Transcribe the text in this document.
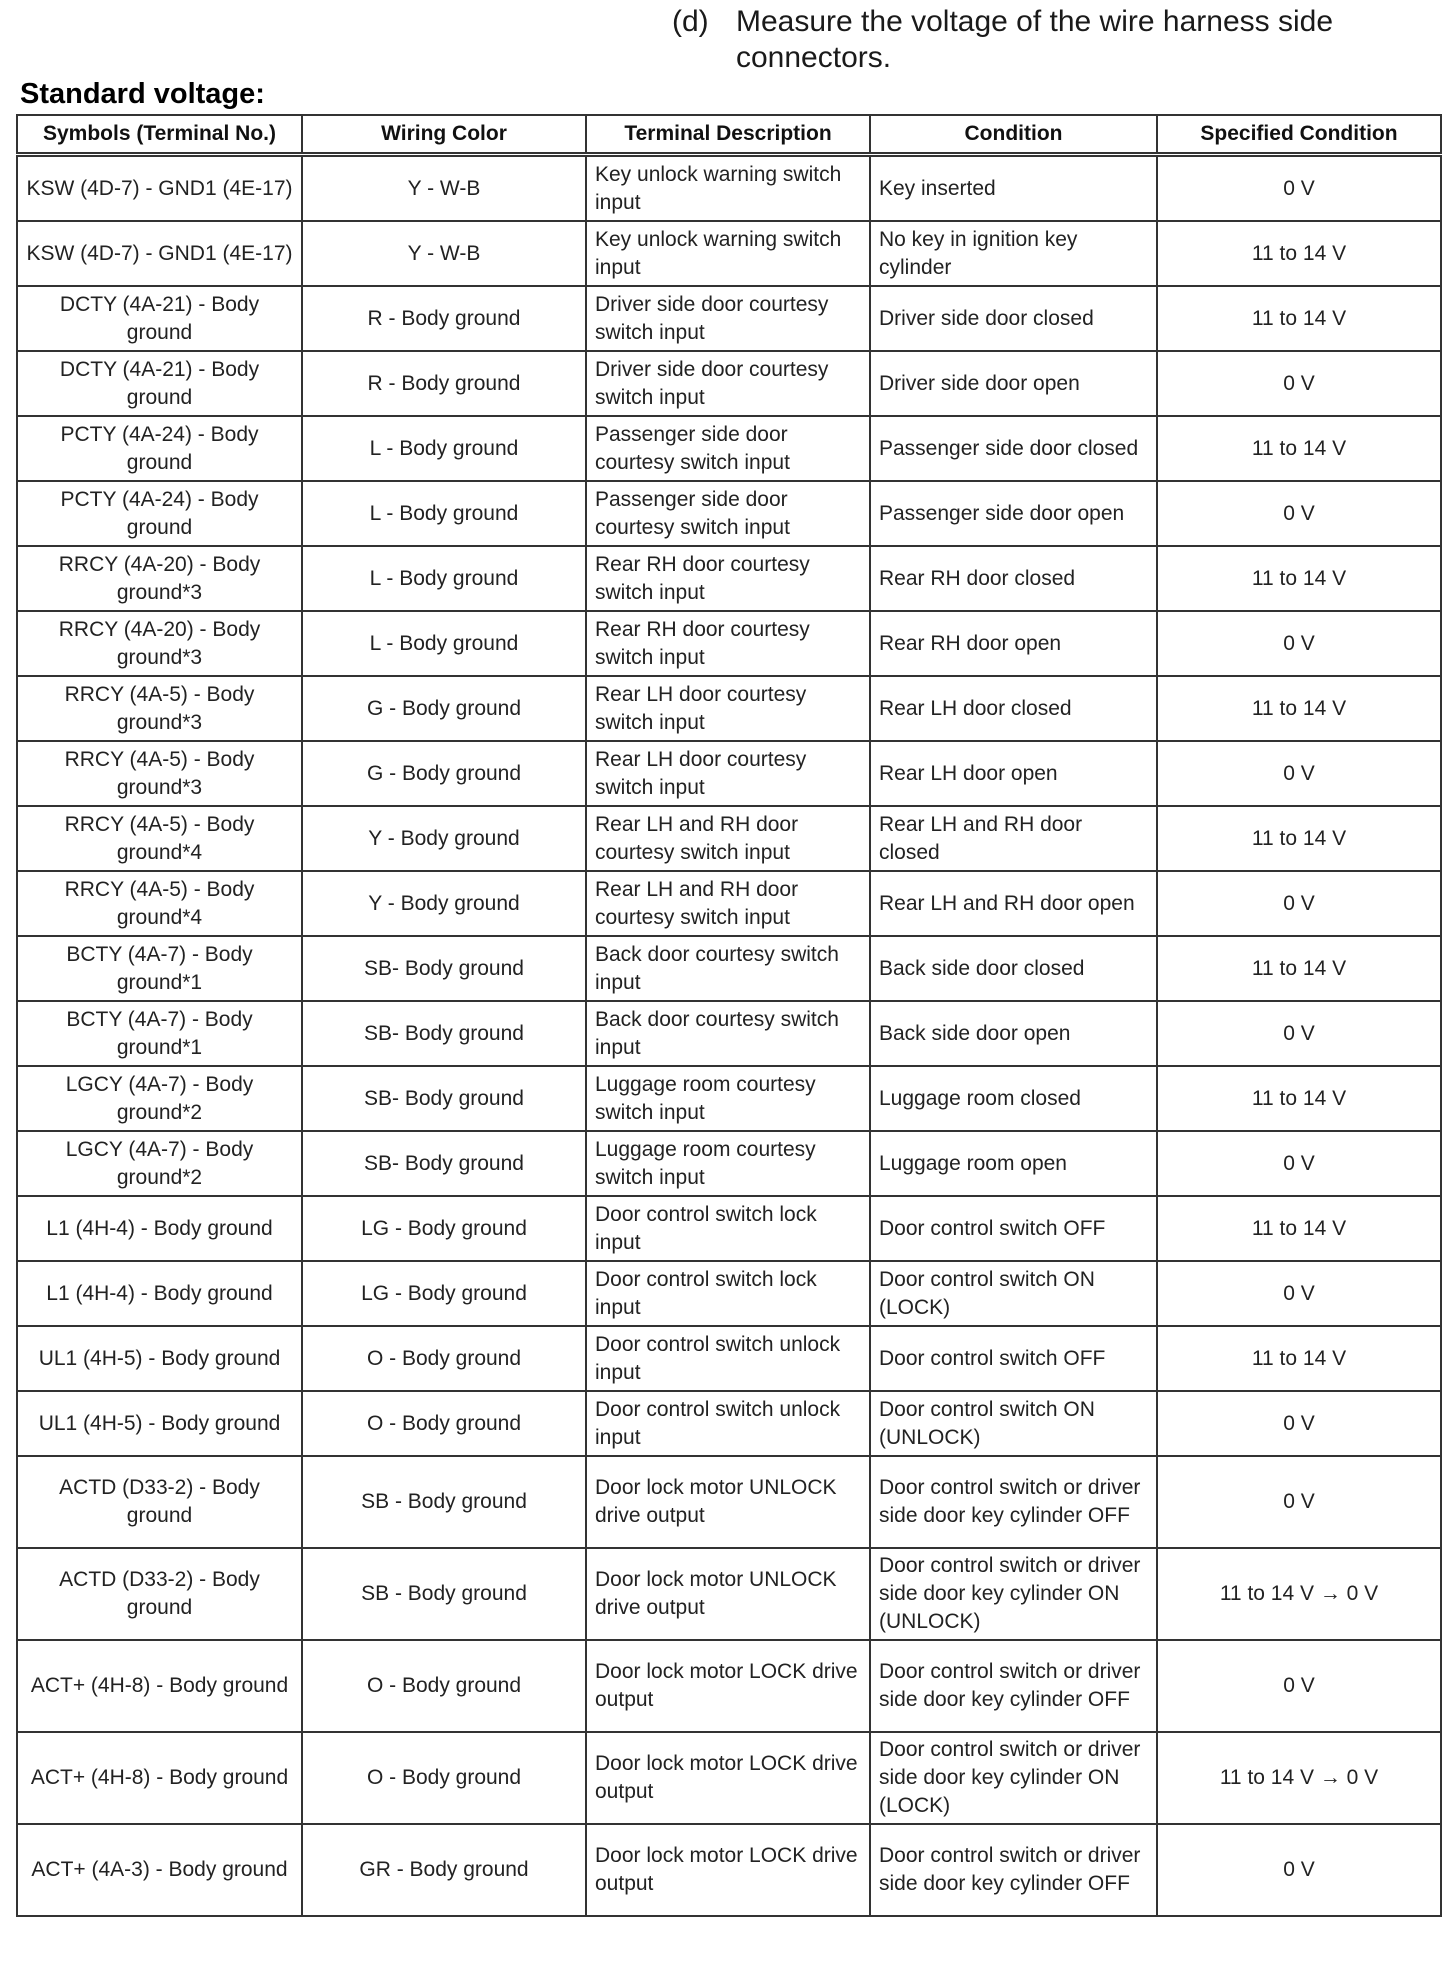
(d) Measure the voltage of the wire harness side connectors.
Standard voltage:
Symbols (Terminal No.)	Wiring Color	Terminal Description	Condition	Specified Condition
KSW (4D-7) - GND1 (4E-17)	Y - W-B	Key unlock warning switch input	Key inserted	0 V
KSW (4D-7) - GND1 (4E-17)	Y - W-B	Key unlock warning switch input	No key in ignition key cylinder	11 to 14 V
DCTY (4A-21) - Body ground	R - Body ground	Driver side door courtesy switch input	Driver side door closed	11 to 14 V
DCTY (4A-21) - Body ground	R - Body ground	Driver side door courtesy switch input	Driver side door open	0 V
PCTY (4A-24) - Body ground	L - Body ground	Passenger side door courtesy switch input	Passenger side door closed	11 to 14 V
PCTY (4A-24) - Body ground	L - Body ground	Passenger side door courtesy switch input	Passenger side door open	0 V
RRCY (4A-20) - Body ground*3	L - Body ground	Rear RH door courtesy switch input	Rear RH door closed	11 to 14 V
RRCY (4A-20) - Body ground*3	L - Body ground	Rear RH door courtesy switch input	Rear RH door open	0 V
RRCY (4A-5) - Body ground*3	G - Body ground	Rear LH door courtesy switch input	Rear LH door closed	11 to 14 V
RRCY (4A-5) - Body ground*3	G - Body ground	Rear LH door courtesy switch input	Rear LH door open	0 V
RRCY (4A-5) - Body ground*4	Y - Body ground	Rear LH and RH door courtesy switch input	Rear LH and RH door closed	11 to 14 V
RRCY (4A-5) - Body ground*4	Y - Body ground	Rear LH and RH door courtesy switch input	Rear LH and RH door open	0 V
BCTY (4A-7) - Body ground*1	SB- Body ground	Back door courtesy switch input	Back side door closed	11 to 14 V
BCTY (4A-7) - Body ground*1	SB- Body ground	Back door courtesy switch input	Back side door open	0 V
LGCY (4A-7) - Body ground*2	SB- Body ground	Luggage room courtesy switch input	Luggage room closed	11 to 14 V
LGCY (4A-7) - Body ground*2	SB- Body ground	Luggage room courtesy switch input	Luggage room open	0 V
L1 (4H-4) - Body ground	LG - Body ground	Door control switch lock input	Door control switch OFF	11 to 14 V
L1 (4H-4) - Body ground	LG - Body ground	Door control switch lock input	Door control switch ON (LOCK)	0 V
UL1 (4H-5) - Body ground	O - Body ground	Door control switch unlock input	Door control switch OFF	11 to 14 V
UL1 (4H-5) - Body ground	O - Body ground	Door control switch unlock input	Door control switch ON (UNLOCK)	0 V
ACTD (D33-2) - Body ground	SB - Body ground	Door lock motor UNLOCK drive output	Door control switch or driver side door key cylinder OFF	0 V
ACTD (D33-2) - Body ground	SB - Body ground	Door lock motor UNLOCK drive output	Door control switch or driver side door key cylinder ON (UNLOCK)	11 to 14 V → 0 V
ACT+ (4H-8) - Body ground	O - Body ground	Door lock motor LOCK drive output	Door control switch or driver side door key cylinder OFF	0 V
ACT+ (4H-8) - Body ground	O - Body ground	Door lock motor LOCK drive output	Door control switch or driver side door key cylinder ON (LOCK)	11 to 14 V → 0 V
ACT+ (4A-3) - Body ground	GR - Body ground	Door lock motor LOCK drive output	Door control switch or driver side door key cylinder OFF	0 V
